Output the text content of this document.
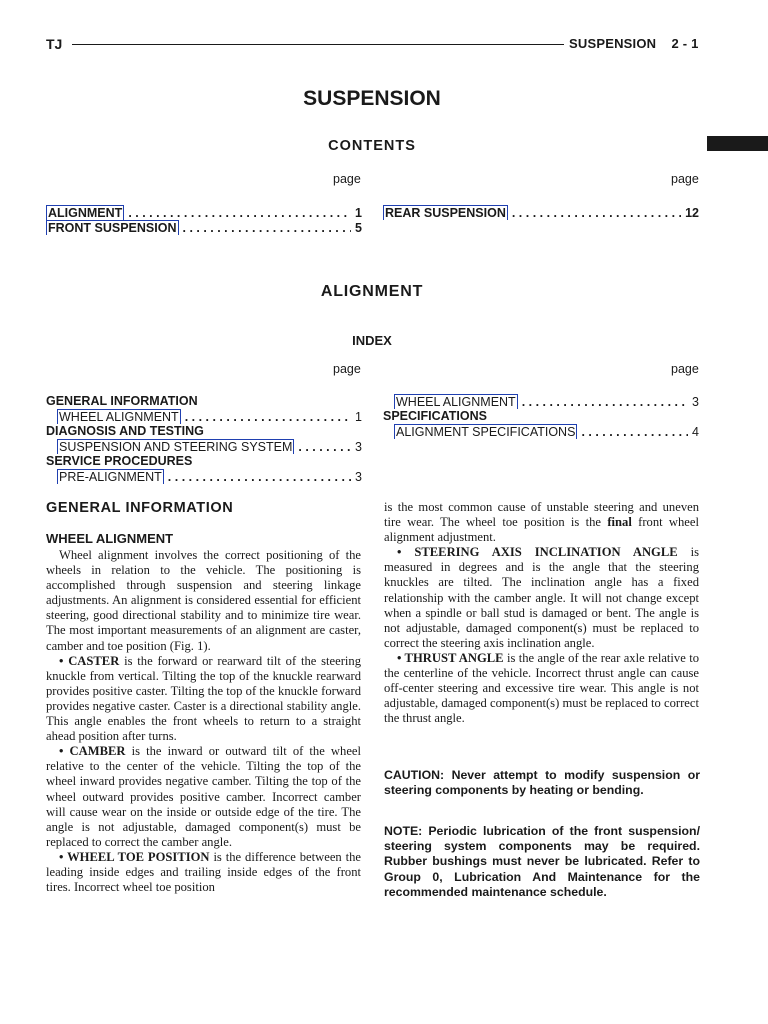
TJ	SUSPENSION    2 - 1
SUSPENSION
CONTENTS
page	page
ALIGNMENT . . .	1
FRONT SUSPENSION . . .	5
REAR SUSPENSION . . .	12
ALIGNMENT
INDEX
page	page
GENERAL INFORMATION
WHEEL ALIGNMENT . . .	1
DIAGNOSIS AND TESTING
SUSPENSION AND STEERING SYSTEM . . .	3
SERVICE PROCEDURES
PRE-ALIGNMENT . . .	3
WHEEL ALIGNMENT . . .	3
SPECIFICATIONS
ALIGNMENT SPECIFICATIONS . . .	4
GENERAL INFORMATION
WHEEL ALIGNMENT

Wheel alignment involves the correct positioning of the wheels in relation to the vehicle. The positioning is accomplished through suspension and steering linkage adjustments. An alignment is considered essential for efficient steering, good directional stability and to minimize tire wear. The most important measurements of an alignment are caster, camber and toe position (Fig. 1).

• CASTER is the forward or rearward tilt of the steering knuckle from vertical. Tilting the top of the knuckle rearward provides positive caster. Tilting the top of the knuckle forward provides negative caster. Caster is a directional stability angle. This angle enables the front wheels to return to a straight ahead position after turns.

• CAMBER is the inward or outward tilt of the wheel relative to the center of the vehicle. Tilting the top of the wheel inward provides negative camber. Tilting the top of the wheel outward provides positive camber. Incorrect camber will cause wear on the inside or outside edge of the tire. The angle is not adjustable, damaged component(s) must be replaced to correct the camber angle.

• WHEEL TOE POSITION is the difference between the leading inside edges and trailing inside edges of the front tires. Incorrect wheel toe position

is the most common cause of unstable steering and uneven tire wear. The wheel toe position is the final front wheel alignment adjustment.

• STEERING AXIS INCLINATION ANGLE is measured in degrees and is the angle that the steering knuckles are tilted. The inclination angle has a fixed relationship with the camber angle. It will not change except when a spindle or ball stud is damaged or bent. The angle is not adjustable, damaged component(s) must be replaced to correct the steering axis inclination angle.

• THRUST ANGLE is the angle of the rear axle relative to the centerline of the vehicle. Incorrect thrust angle can cause off-center steering and excessive tire wear. This angle is not adjustable, damaged component(s) must be replaced to correct the thrust angle.

CAUTION: Never attempt to modify suspension or steering components by heating or bending.
NOTE: Periodic lubrication of the front suspension/ steering system components may be required. Rubber bushings must never be lubricated. Refer to Group 0, Lubrication And Maintenance for the recommended maintenance schedule.
